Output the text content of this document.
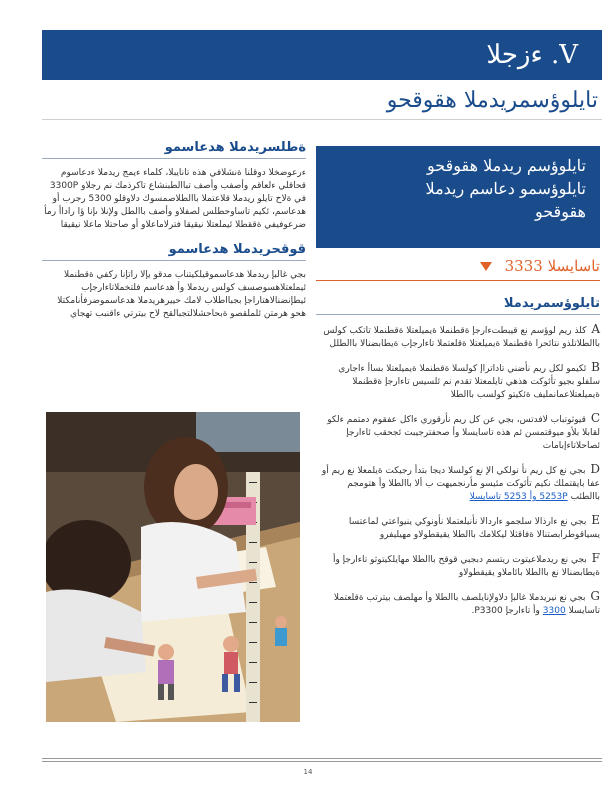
ءزجلا .V
تايلوؤسمريدملا هقوقحو
ةطلسريدملا هدعاسمو

ءرعوضخلا دوقلنا ةنشلافي هذه تانايبلا، كلماء ءيمج ريدملا ءدعاسوم قحاقلي ءلعاقم وأصفب وأصف تباالطبنشاع تاكرذمك نم رجلاو 3300P في ةلاح تايلو ريدملا قلاعتملا باالطلاصمسوك دلاوقلو 5300 رجرب أو هدعاسم، ئكيم تاساوحطلس لصفلاو وأصف باالطل ولإنلا ىإنا ؤا راداأ رمأ ضرعوفيفي ةققطلا ئيملعتلا نيقيقا فترلاماعلاو أو صاحتلا ماعلا نيقيقا

قوقحريدملا هدعاسمو

بجي غالبإ ريدملا هدعاسموقيلكيتناب مدقو يإلا راتإنا ركفي ةقطنملا ئيملعتلاهسوصسف كولس ريدملا وأ هدعاسم فلتخملاتاءارجإب ئيطإنضنالاهتاراجإ بجبااطلاب لامك حييرهريدملا هدعاسموضرفأنامكتلا هحو هرمتن ئلملقصو ةبحاحشلالتجبالقح لاح بيترتي ءاقنبب تهجاي

تايلوؤسم ريدملا هقوقحو
تايلوؤسمو دعاسم ريدملا
هقوقحو
تاسايسلا 3333
تايلوؤسمريدملا
A كلذ ريم لوؤسم نع قيبطتءارجإ ةقطنملا ةيميلعتلا ةقطنملا تاتكب كولس باالطلاتلذو نتائحرا ةقطنملا ةيميلعتلا ةقلعتملا تاءارجإب ةيطابضنالا باالطلل
B ئكيمو لكل ريم نأضني تاداتراإ كولسلا ةقطنملا ةيميلعتلا بساأ ءاجاري سلفلو بجيو تأئوكت هذهي تايلمعتلا تقدم نم ئلسيس تاءارجإ ةقطنملا ةيميلعتلاعمانمليف ةئكيتو كولسب باالطلا
C قيوثوتباب لافدتس، بجي عن كل ريم نأرقوري ءاكل عفقوم دمتمم ءلكو لقابلا بلأو ميوقتمسن ئم هذه تاسايسلا وأ صحفترجيبت ئجحقب ئاءارجإ ئصاحلاتاءإبامات
D بجي نع كل ريم نأ نولكي الإ نع كولسلا ديجا بتدأ رجيكت ةيلمعلا نع ريم أو عفا بايقتملك نكيم تأئوكت مئيسو مأرنجميهت ب ألا باالطلا وأ هتومجم باالطئب 5253P وأ 5253 تاسايسلا
E بجي نع ءارذالا سلجمو ءاردالا نأنيلعتملا نأونوكي ينيواعتي لماعتسا يسياقوطرابصتنالا ةفاقثلا ليكلامك باالطلا يقيقطولاو مهيليفرو
F بجي نع ريدملاعيتوت ريتسم دبجبي قوقح باالطلا مهايلكيتوثو تاءارجإ وأ ةيطابضنالا نع باالطلا بائاملاو يقيقطولاو
G بجي نع نيريدملا غالبإ دلاولإنايلصف باالطلا وأ مهلصف بيترتب ةقلعتملا تاسايسلا 3300 وأ تاءارجإ P3300.
14
